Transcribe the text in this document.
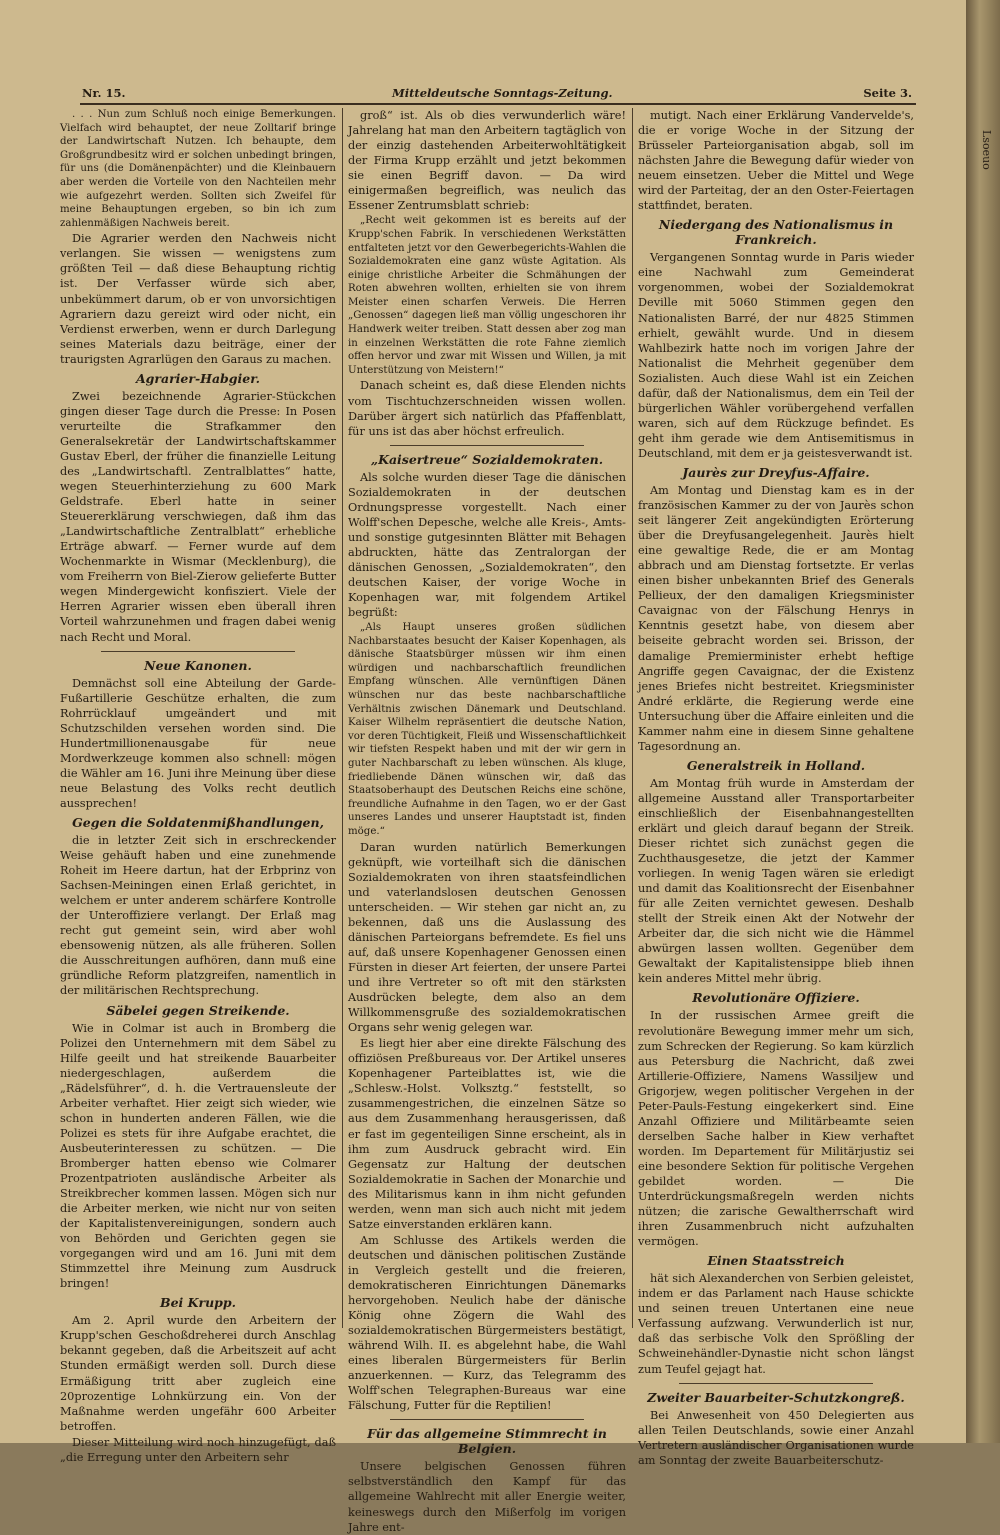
Nr. 15.	Mitteldeutsche Sonntags-Zeitung.	Seite 3.

. . . Nun zum Schluß noch einige Bemerkungen. Vielfach wird behauptet, der neue Zolltarif bringe der Landwirtschaft Nutzen. Ich behaupte, dem Großgrundbesitz wird er solchen unbedingt bringen, für uns (die Domänenpächter) und die Kleinbauern aber werden die Vorteile von den Nachteilen mehr wie aufgezehrt werden. Sollten sich Zweifel für meine Behauptungen ergeben, so bin ich zum zahlenmäßigen Nachweis bereit.

Die Agrarier werden den Nachweis nicht verlangen. Sie wissen — wenigstens zum größten Teil — daß diese Behauptung richtig ist. Der Verfasser würde sich aber, unbekümmert darum, ob er von unvorsichtigen Agrariern dazu gereizt wird oder nicht, ein Verdienst erwerben, wenn er durch Darlegung seines Materials dazu beiträge, einer der traurigsten Agrarlügen den Garaus zu machen.

Agrarier-Habgier.

Zwei bezeichnende Agrarier-Stückchen gingen dieser Tage durch die Presse: In Posen verurteilte die Strafkammer den Generalsekretär der Landwirtschaftskammer Gustav Eberl, der früher die finanzielle Leitung des „Landwirtschaftl. Zentralblattes“ hatte, wegen Steuerhinterziehung zu 600 Mark Geldstrafe. Eberl hatte in seiner Steuererklärung verschwiegen, daß ihm das „Landwirtschaftliche Zentralblatt“ erhebliche Erträge abwarf. — Ferner wurde auf dem Wochenmarkte in Wismar (Mecklenburg), die vom Freiherrn von Biel-Zierow gelieferte Butter wegen Mindergewicht konfisziert. Viele der Herren Agrarier wissen eben überall ihren Vorteil wahrzunehmen und fragen dabei wenig nach Recht und Moral.

Neue Kanonen.

Demnächst soll eine Abteilung der Garde-Fußartillerie Geschütze erhalten, die zum Rohrrücklauf umgeändert und mit Schutzschilden versehen worden sind. Die Hundertmillionenausgabe für neue Mordwerkzeuge kommen also schnell: mögen die Wähler am 16. Juni ihre Meinung über diese neue Belastung des Volks recht deutlich aussprechen!

Gegen die Soldatenmißhandlungen,

die in letzter Zeit sich in erschreckender Weise gehäuft haben und eine zunehmende Roheit im Heere dartun, hat der Erbprinz von Sachsen-Meiningen einen Erlaß gerichtet, in welchem er unter anderem schärfere Kontrolle der Unteroffiziere verlangt. Der Erlaß mag recht gut gemeint sein, wird aber wohl ebensowenig nützen, als alle früheren. Sollen die Ausschreitungen aufhören, dann muß eine gründliche Reform platzgreifen, namentlich in der militärischen Rechtsprechung.

Säbelei gegen Streikende.

Wie in Colmar ist auch in Bromberg die Polizei den Unternehmern mit dem Säbel zu Hilfe geeilt und hat streikende Bauarbeiter niedergeschlagen, außerdem die „Rädelsführer“, d. h. die Vertrauensleute der Arbeiter verhaftet. Hier zeigt sich wieder, wie schon in hunderten anderen Fällen, wie die Polizei es stets für ihre Aufgabe erachtet, die Ausbeuterinteressen zu schützen. — Die Bromberger hatten ebenso wie Colmarer Prozentpatrioten ausländische Arbeiter als Streikbrecher kommen lassen. Mögen sich nur die Arbeiter merken, wie nicht nur von seiten der Kapitalistenvereinigungen, sondern auch von Behörden und Gerichten gegen sie vorgegangen wird und am 16. Juni mit dem Stimmzettel ihre Meinung zum Ausdruck bringen!

Bei Krupp.

Am 2. April wurde den Arbeitern der Krupp'schen Geschoßdreherei durch Anschlag bekannt gegeben, daß die Arbeitszeit auf acht Stunden ermäßigt werden soll. Durch diese Ermäßigung tritt aber zugleich eine 20prozentige Lohnkürzung ein. Von der Maßnahme werden ungefähr 600 Arbeiter betroffen.

Dieser Mitteilung wird noch hinzugefügt, daß „die Erregung unter den Arbeitern sehr

groß“ ist. Als ob dies verwunderlich wäre! Jahrelang hat man den Arbeitern tagtäglich von der einzig dastehenden Arbeiterwohltätigkeit der Firma Krupp erzählt und jetzt bekommen sie einen Begriff davon. — Da wird einigermaßen begreiflich, was neulich das Essener Zentrumsblatt schrieb:

„Recht weit gekommen ist es bereits auf der Krupp'schen Fabrik. In verschiedenen Werkstätten entfalteten jetzt vor den Gewerbegerichts-Wahlen die Sozialdemokraten eine ganz wüste Agitation. Als einige christliche Arbeiter die Schmähungen der Roten abwehren wollten, erhielten sie von ihrem Meister einen scharfen Verweis. Die Herren „Genossen“ dagegen ließ man völlig ungeschoren ihr Handwerk weiter treiben. Statt dessen aber zog man in einzelnen Werkstätten die rote Fahne ziemlich offen hervor und zwar mit Wissen und Willen, ja mit Unterstützung von Meistern!“

Danach scheint es, daß diese Elenden nichts vom Tischtuchzerschneiden wissen wollen. Darüber ärgert sich natürlich das Pfaffenblatt, für uns ist das aber höchst erfreulich.

„Kaisertreue“ Sozialdemokraten.

Als solche wurden dieser Tage die dänischen Sozialdemokraten in der deutschen Ordnungspresse vorgestellt. Nach einer Wolff'schen Depesche, welche alle Kreis-, Amts- und sonstige gutgesinnten Blätter mit Behagen abdruckten, hätte das Zentralorgan der dänischen Genossen, „Sozialdemokraten“, den deutschen Kaiser, der vorige Woche in Kopenhagen war, mit folgendem Artikel begrüßt:

„Als Haupt unseres großen südlichen Nachbarstaates besucht der Kaiser Kopenhagen, als dänische Staatsbürger müssen wir ihm einen würdigen und nachbarschaftlich freundlichen Empfang wünschen. Alle vernünftigen Dänen wünschen nur das beste nachbarschaftliche Verhältnis zwischen Dänemark und Deutschland. Kaiser Wilhelm repräsentiert die deutsche Nation, vor deren Tüchtigkeit, Fleiß und Wissenschaftlichkeit wir tiefsten Respekt haben und mit der wir gern in guter Nachbarschaft zu leben wünschen. Als kluge, friedliebende Dänen wünschen wir, daß das Staatsoberhaupt des Deutschen Reichs eine schöne, freundliche Aufnahme in den Tagen, wo er der Gast unseres Landes und unserer Hauptstadt ist, finden möge.“

Daran wurden natürlich Bemerkungen geknüpft, wie vorteilhaft sich die dänischen Sozialdemokraten von ihren staatsfeindlichen und vaterlandslosen deutschen Genossen unterscheiden. — Wir stehen gar nicht an, zu bekennen, daß uns die Auslassung des dänischen Parteiorgans befremdete. Es fiel uns auf, daß unsere Kopenhagener Genossen einen Fürsten in dieser Art feierten, der unsere Partei und ihre Vertreter so oft mit den stärksten Ausdrücken belegte, dem also an dem Willkommensgruße des sozialdemokratischen Organs sehr wenig gelegen war.

Es liegt hier aber eine direkte Fälschung des offiziösen Preßbureaus vor. Der Artikel unseres Kopenhagener Parteiblattes ist, wie die „Schlesw.-Holst. Volksztg.“ feststellt, so zusammengestrichen, die einzelnen Sätze so aus dem Zusammenhang herausgerissen, daß er fast im gegenteiligen Sinne erscheint, als in ihm zum Ausdruck gebracht wird. Ein Gegensatz zur Haltung der deutschen Sozialdemokratie in Sachen der Monarchie und des Militarismus kann in ihm nicht gefunden werden, wenn man sich auch nicht mit jedem Satze einverstanden erklären kann.

Am Schlusse des Artikels werden die deutschen und dänischen politischen Zustände in Vergleich gestellt und die freieren, demokratischeren Einrichtungen Dänemarks hervorgehoben. Neulich habe der dänische König ohne Zögern die Wahl des sozialdemokratischen Bürgermeisters bestätigt, während Wilh. II. es abgelehnt habe, die Wahl eines liberalen Bürgermeisters für Berlin anzuerkennen. — Kurz, das Telegramm des Wolff'schen Telegraphen-Bureaus war eine Fälschung, Futter für die Reptilien!

Für das allgemeine Stimmrecht in Belgien.

Unsere belgischen Genossen führen selbstverständlich den Kampf für das allgemeine Wahlrecht mit aller Energie weiter, keineswegs durch den Mißerfolg im vorigen Jahre ent-

mutigt. Nach einer Erklärung Vandervelde's, die er vorige Woche in der Sitzung der Brüsseler Parteiorganisation abgab, soll im nächsten Jahre die Bewegung dafür wieder von neuem einsetzen. Ueber die Mittel und Wege wird der Parteitag, der an den Oster-Feiertagen stattfindet, beraten.

Niedergang des Nationalismus in Frankreich.

Vergangenen Sonntag wurde in Paris wieder eine Nachwahl zum Gemeinderat vorgenommen, wobei der Sozialdemokrat Deville mit 5060 Stimmen gegen den Nationalisten Barré, der nur 4825 Stimmen erhielt, gewählt wurde. Und in diesem Wahlbezirk hatte noch im vorigen Jahre der Nationalist die Mehrheit gegenüber dem Sozialisten. Auch diese Wahl ist ein Zeichen dafür, daß der Nationalismus, dem ein Teil der bürgerlichen Wähler vorübergehend verfallen waren, sich auf dem Rückzuge befindet. Es geht ihm gerade wie dem Antisemitismus in Deutschland, mit dem er ja geistesverwandt ist.

Jaurès zur Dreyfus-Affaire.

Am Montag und Dienstag kam es in der französischen Kammer zu der von Jaurès schon seit längerer Zeit angekündigten Erörterung über die Dreyfusangelegenheit. Jaurès hielt eine gewaltige Rede, die er am Montag abbrach und am Dienstag fortsetzte. Er verlas einen bisher unbekannten Brief des Generals Pellieux, der den damaligen Kriegsminister Cavaignac von der Fälschung Henrys in Kenntnis gesetzt habe, von diesem aber beiseite gebracht worden sei. Brisson, der damalige Premierminister erhebt heftige Angriffe gegen Cavaignac, der die Existenz jenes Briefes nicht bestreitet. Kriegsminister André erklärte, die Regierung werde eine Untersuchung über die Affaire einleiten und die Kammer nahm eine in diesem Sinne gehaltene Tagesordnung an.

Generalstreik in Holland.

Am Montag früh wurde in Amsterdam der allgemeine Ausstand aller Transportarbeiter einschließlich der Eisenbahnangestellten erklärt und gleich darauf begann der Streik. Dieser richtet sich zunächst gegen die Zuchthausgesetze, die jetzt der Kammer vorliegen. In wenig Tagen wären sie erledigt und damit das Koalitionsrecht der Eisenbahner für alle Zeiten vernichtet gewesen. Deshalb stellt der Streik einen Akt der Notwehr der Arbeiter dar, die sich nicht wie die Hämmel abwürgen lassen wollten. Gegenüber dem Gewaltakt der Kapitalistensippe blieb ihnen kein anderes Mittel mehr übrig.

Revolutionäre Offiziere.

In der russischen Armee greift die revolutionäre Bewegung immer mehr um sich, zum Schrecken der Regierung. So kam kürzlich aus Petersburg die Nachricht, daß zwei Artillerie-Offiziere, Namens Wassiljew und Grigorjew, wegen politischer Vergehen in der Peter-Pauls-Festung eingekerkert sind. Eine Anzahl Offiziere und Militärbeamte seien derselben Sache halber in Kiew verhaftet worden. Im Departement für Militärjustiz sei eine besondere Sektion für politische Vergehen gebildet worden. — Die Unterdrückungsmaßregeln werden nichts nützen; die zarische Gewaltherrschaft wird ihren Zusammenbruch nicht aufzuhalten vermögen.

Einen Staatsstreich

hät sich Alexanderchen von Serbien geleistet, indem er das Parlament nach Hause schickte und seinen treuen Untertanen eine neue Verfassung aufzwang. Verwunderlich ist nur, daß das serbische Volk den Sprößling der Schweinehändler-Dynastie nicht schon längst zum Teufel gejagt hat.

Zweiter Bauarbeiter-Schutzkongreß.

Bei Anwesenheit von 450 Delegierten aus allen Teilen Deutschlands, sowie einer Anzahl Vertretern ausländischer Organisationen wurde am Sonntag der zweite Bauarbeiterschutz-

Lsoeuo
